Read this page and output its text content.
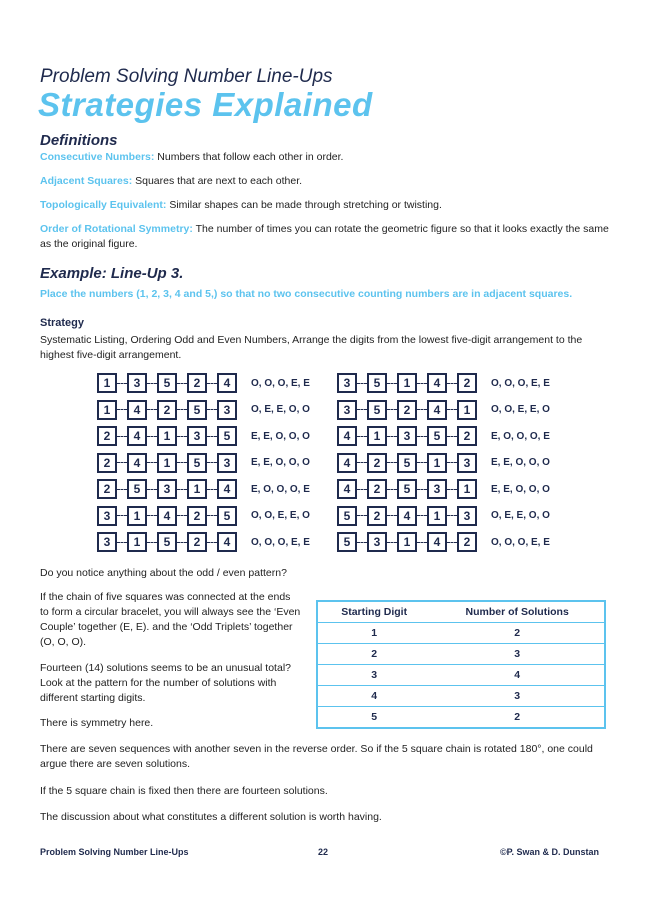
Problem Solving Number Line-Ups
Strategies Explained
Definitions
Consecutive Numbers: Numbers that follow each other in order.
Adjacent Squares: Squares that are next to each other.
Topologically Equivalent: Similar shapes can be made through stretching or twisting.
Order of Rotational Symmetry: The number of times you can rotate the geometric figure so that it looks exactly the same as the original figure.
Example: Line-Up 3.
Place the numbers (1, 2, 3, 4 and 5,) so that no two consecutive counting numbers are in adjacent squares.
Strategy
Systematic Listing, Ordering Odd and Even Numbers, Arrange the digits from the lowest five-digit arrangement to the highest five-digit arrangement.
1	3	5	2	4	O, O, O, E, E
1	4	2	5	3	O, E, E, O, O
2	4	1	3	5	E, E, O, O, O
2	4	1	5	3	E, E, O, O, O
2	5	3	1	4	E, O, O, O, E
3	1	4	2	5	O, O, E, E, O
3	1	5	2	4	O, O, O, E, E
3	5	1	4	2	O, O, O, E, E
3	5	2	4	1	O, O, E, E, O
4	1	3	5	2	E, O, O, O, E
4	2	5	1	3	E, E, O, O, O
4	2	5	3	1	E, E, O, O, O
5	2	4	1	3	O, E, E, O, O
5	3	1	4	2	O, O, O, E, E
Do you notice anything about the odd / even pattern?
If the chain of five squares was connected at the ends to form a circular bracelet, you will always see the ‘Even Couple’ together (E, E). and the ‘Odd Triplets’ together (O, O, O).
Fourteen (14) solutions seems to be an unusual total? Look at the pattern for the number of solutions with different starting digits.
Starting Digit	Number of Solutions
1	2
2	3
3	4
4	3
5	2
There is symmetry here.
There are seven sequences with another seven in the reverse order. So if the 5 square chain is rotated 180°, one could argue there are seven solutions.
If the 5 square chain is fixed then there are fourteen solutions.
The discussion about what constitutes a different solution is worth having.
Problem Solving Number Line-Ups	22	©P. Swan & D. Dunstan
